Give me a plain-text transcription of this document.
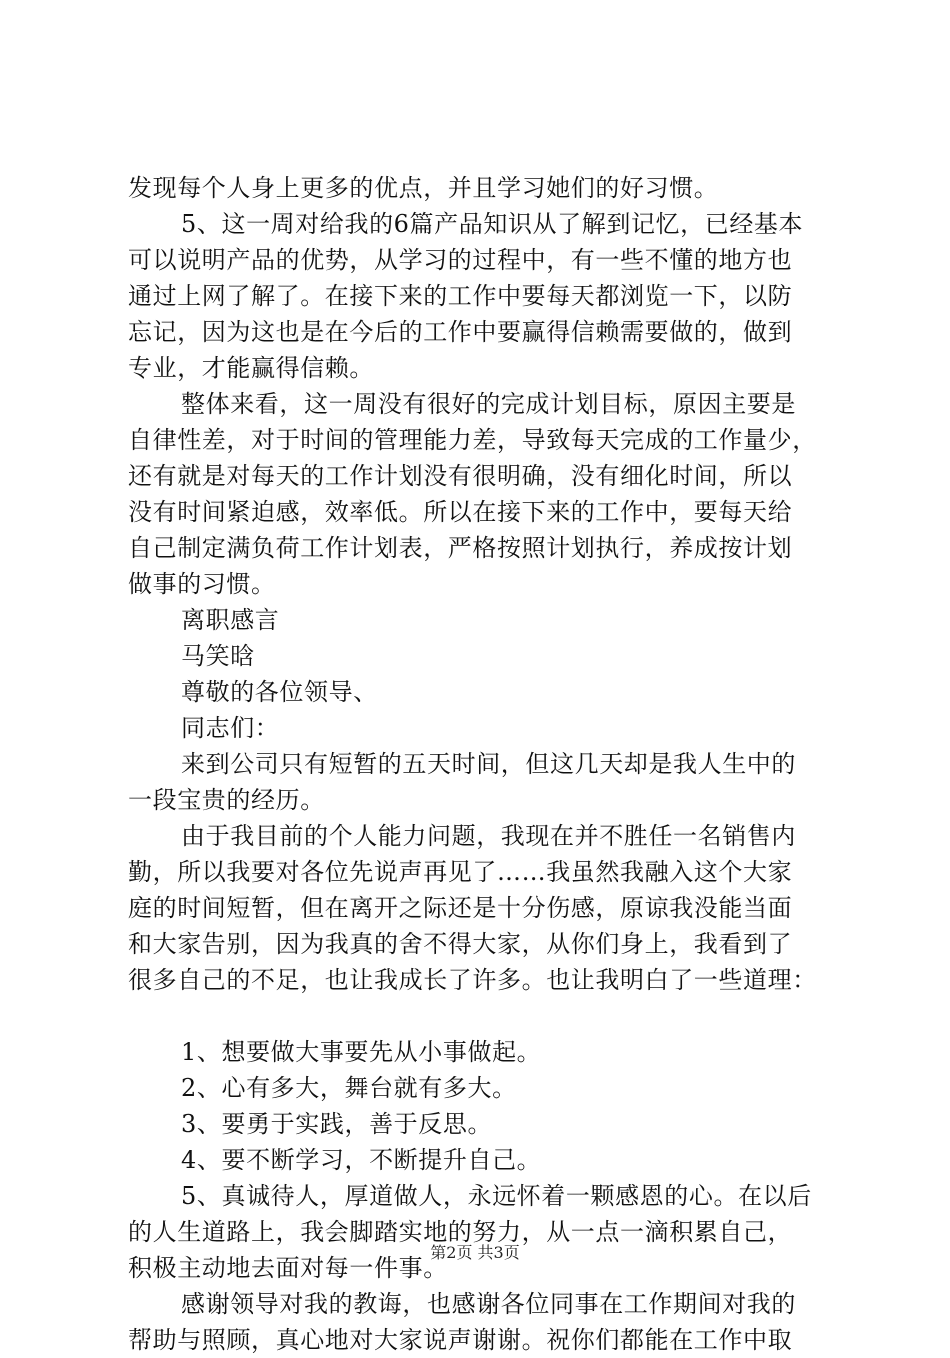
发现每个人身上更多的优点，并且学习她们的好习惯。
5、这一周对给我的6篇产品知识从了解到记忆，已经基本
可以说明产品的优势，从学习的过程中，有一些不懂的地方也
通过上网了解了。在接下来的工作中要每天都浏览一下，以防
忘记，因为这也是在今后的工作中要赢得信赖需要做的，做到
专业，才能赢得信赖。
整体来看，这一周没有很好的完成计划目标，原因主要是
自律性差，对于时间的管理能力差，导致每天完成的工作量少，
还有就是对每天的工作计划没有很明确，没有细化时间，所以
没有时间紧迫感，效率低。所以在接下来的工作中，要每天给
自己制定满负荷工作计划表，严格按照计划执行，养成按计划
做事的习惯。
离职感言
马笑晗
尊敬的各位领导、
同志们：
来到公司只有短暂的五天时间，但这几天却是我人生中的
一段宝贵的经历。
由于我目前的个人能力问题，我现在并不胜任一名销售内
勤，所以我要对各位先说声再见了……我虽然我融入这个大家
庭的时间短暂，但在离开之际还是十分伤感，原谅我没能当面
和大家告别，因为我真的舍不得大家，从你们身上，我看到了
很多自己的不足，也让我成长了许多。也让我明白了一些道理：
1、想要做大事要先从小事做起。
2、心有多大，舞台就有多大。
3、要勇于实践，善于反思。
4、要不断学习，不断提升自己。
5、真诚待人，厚道做人，永远怀着一颗感恩的心。在以后
的人生道路上，我会脚踏实地的努力，从一点一滴积累自己，
积极主动地去面对每一件事。
感谢领导对我的教诲，也感谢各位同事在工作期间对我的
帮助与照顾，真心地对大家说声谢谢。祝你们都能在工作中取
第2页 共3页
